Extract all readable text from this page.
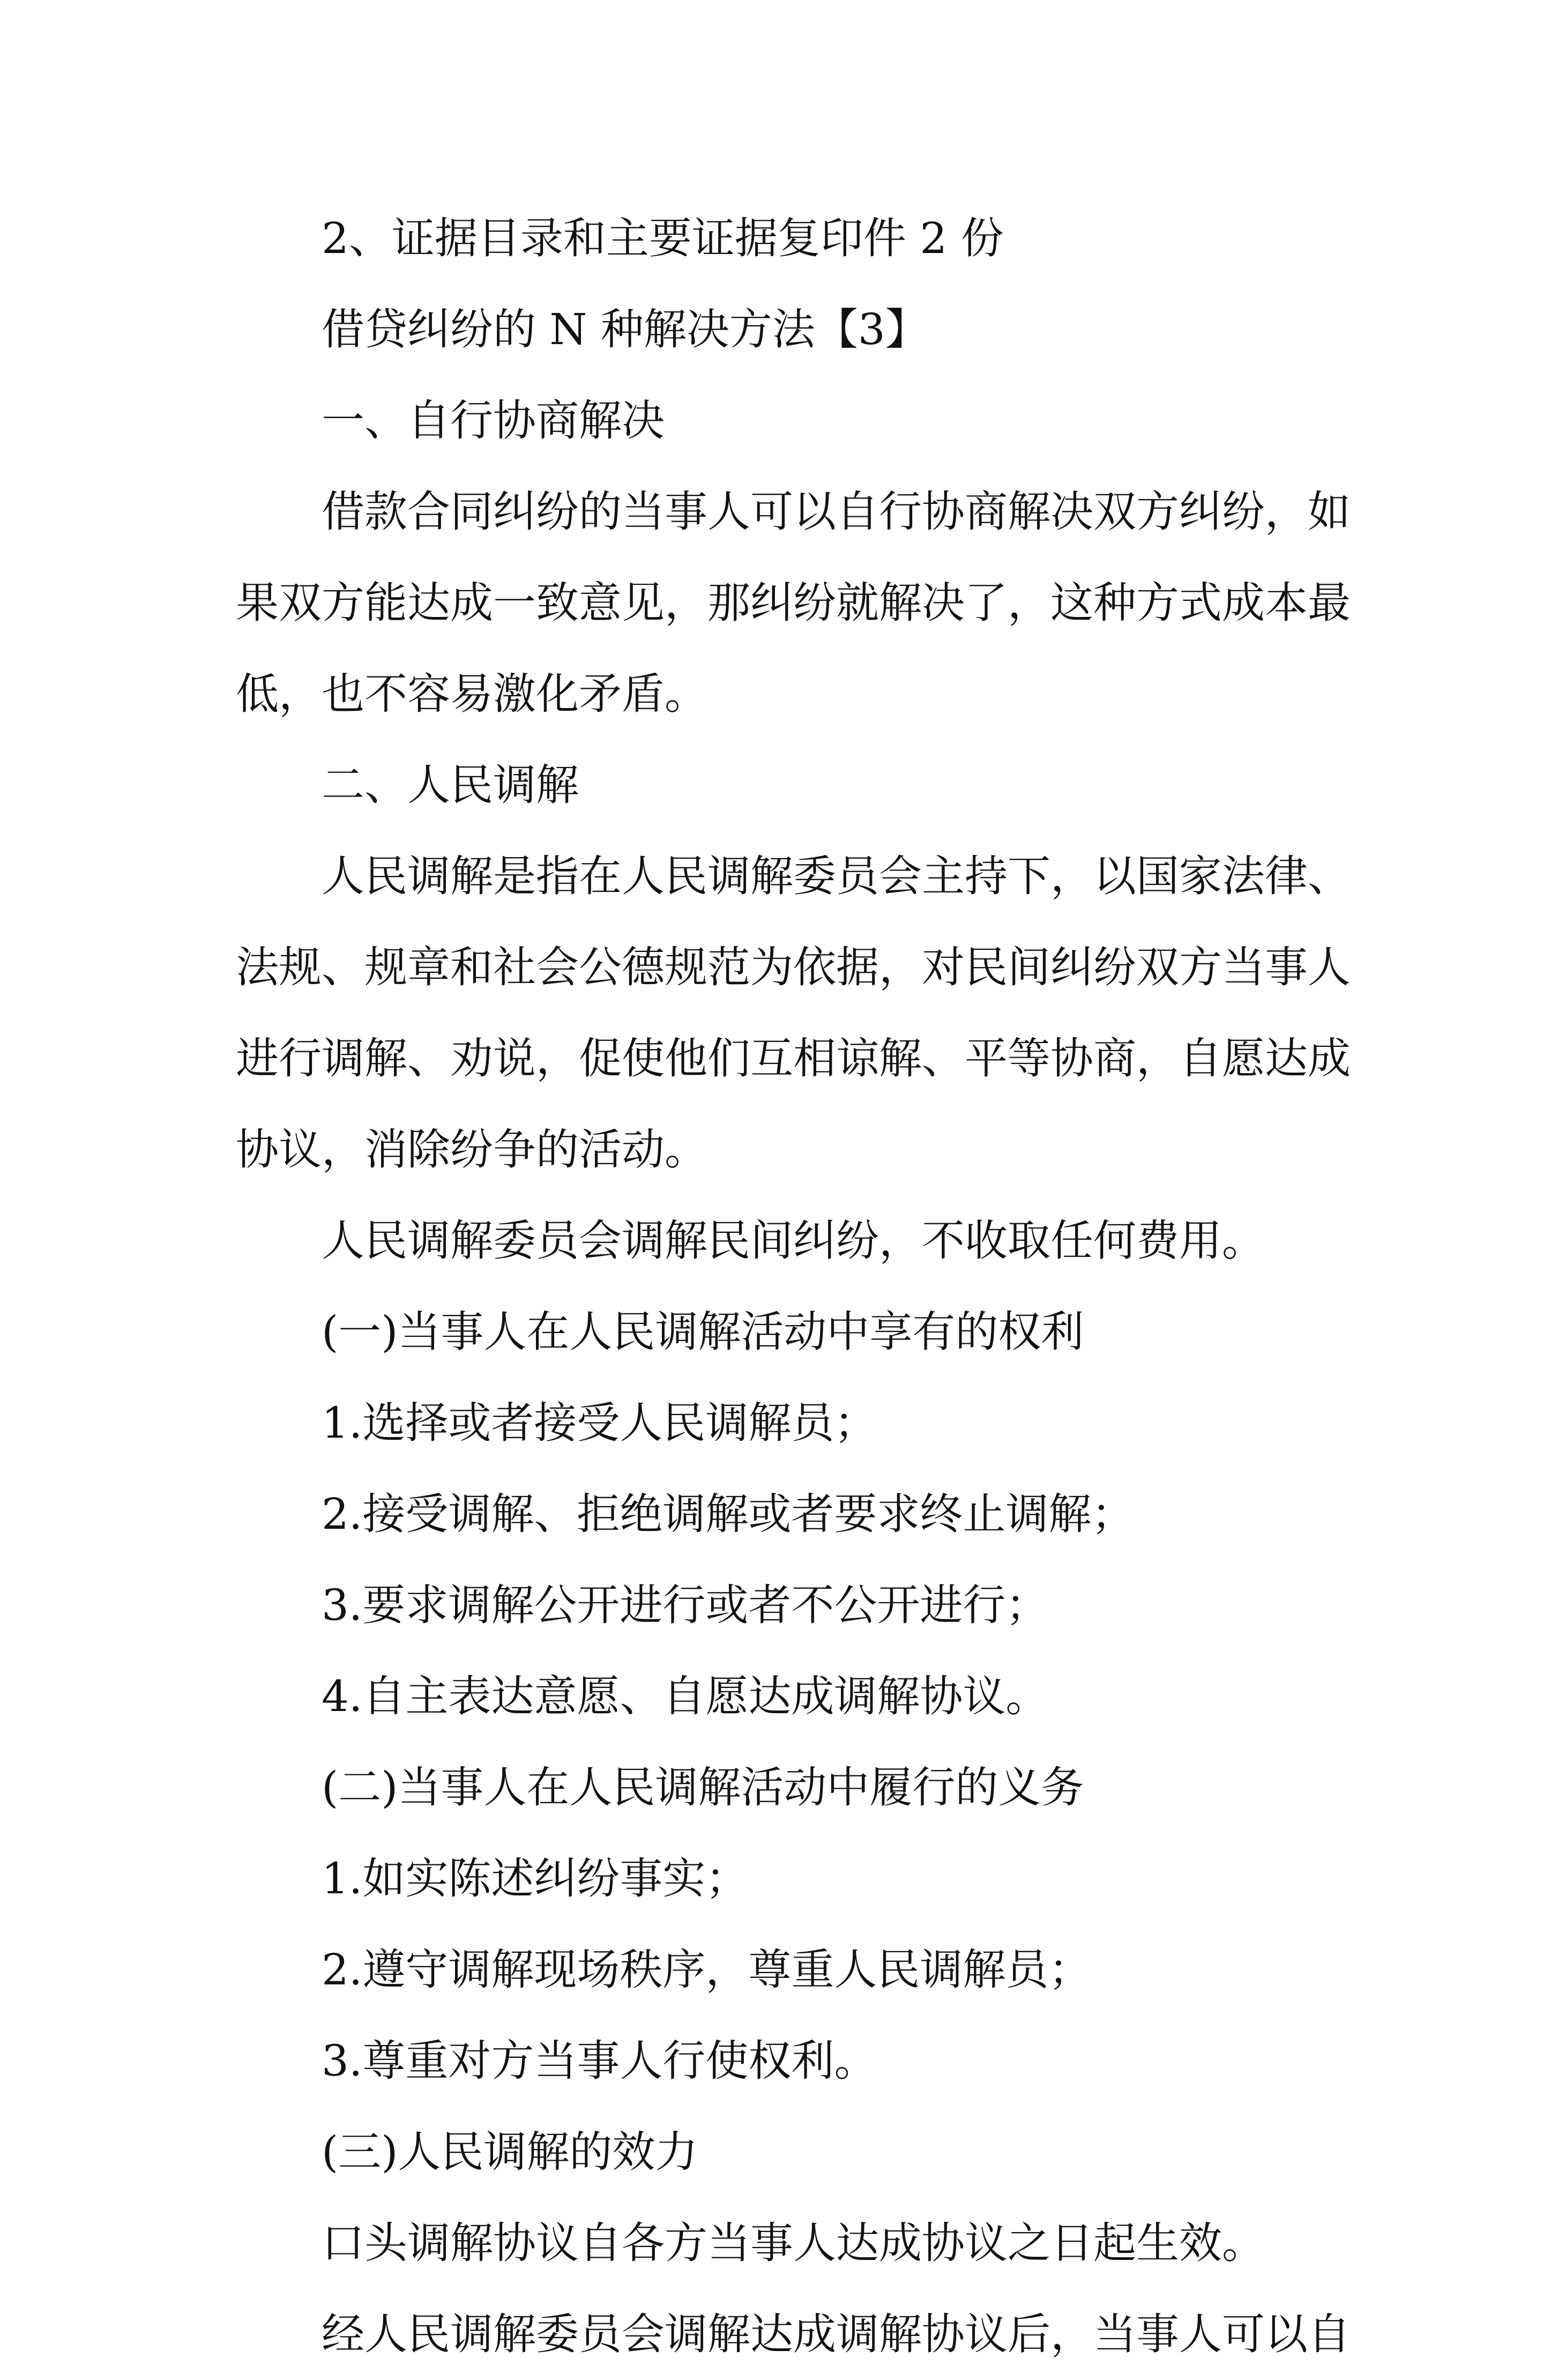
2、证据目录和主要证据复印件 2 份
借贷纠纷的 N 种解决方法【3】
一、自行协商解决
借款合同纠纷的当事人可以自行协商解决双方纠纷，如
果双方能达成一致意见，那纠纷就解决了，这种方式成本最
低，也不容易激化矛盾。
二、人民调解
人民调解是指在人民调解委员会主持下，以国家法律、
法规、规章和社会公德规范为依据，对民间纠纷双方当事人
进行调解、劝说，促使他们互相谅解、平等协商，自愿达成
协议，消除纷争的活动。
人民调解委员会调解民间纠纷，不收取任何费用。
(一)当事人在人民调解活动中享有的权利
1.选择或者接受人民调解员；
2.接受调解、拒绝调解或者要求终止调解；
3.要求调解公开进行或者不公开进行；
4.自主表达意愿、自愿达成调解协议。
(二)当事人在人民调解活动中履行的义务
1.如实陈述纠纷事实；
2.遵守调解现场秩序，尊重人民调解员；
3.尊重对方当事人行使权利。
(三)人民调解的效力
口头调解协议自各方当事人达成协议之日起生效。
经人民调解委员会调解达成调解协议后，当事人可以自
